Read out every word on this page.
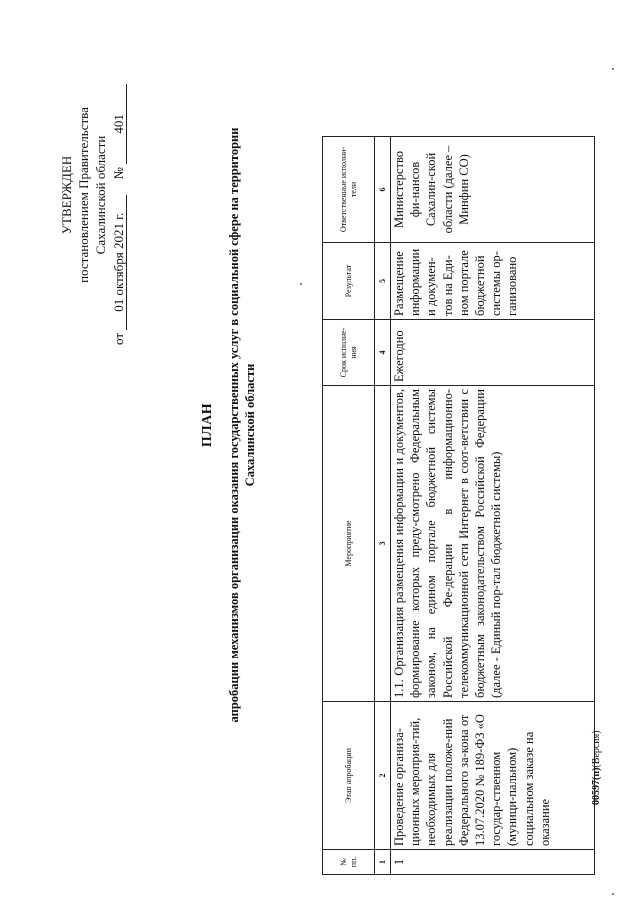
УТВЕРЖДЕН постановлением Правительства Сахалинской области
от 01 октября 2021 г. № 401
ПЛАН апробации механизмов организации оказания государственных услуг в социальной сфере на территории Сахалинской области
№ пп.	Этап апробации	Мероприятие	Срок исполне-ния	Результат	Ответственные исполни-тели
1	2	3	4	5	6
1	Проведение организа-ционных мероприя-тий, необходимых для реализации положе-ний Федерального за-кона от 13.07.2020 № 189-ФЗ «О государ-ственном (муници-пальном) социальном заказе на оказание	1.1. Организация размещения информации и документов, формирование которых преду-смотрено Федеральным законом, на едином портале бюджетной системы Российской Фе-дерации в информационно-телекоммуникационной сети Интернет в соот-ветствии с бюджетным законодательством Российской Федерации (далее - Единый пор-тал бюджетной системы)	Ежегодно	Размещение информации и докумен-тов на Еди-ном портале бюджетной системы ор-ганизовано	Министерство фи-нансов Сахалин-ской области (далее – Минфин СО)
00597(п)(Версия)
